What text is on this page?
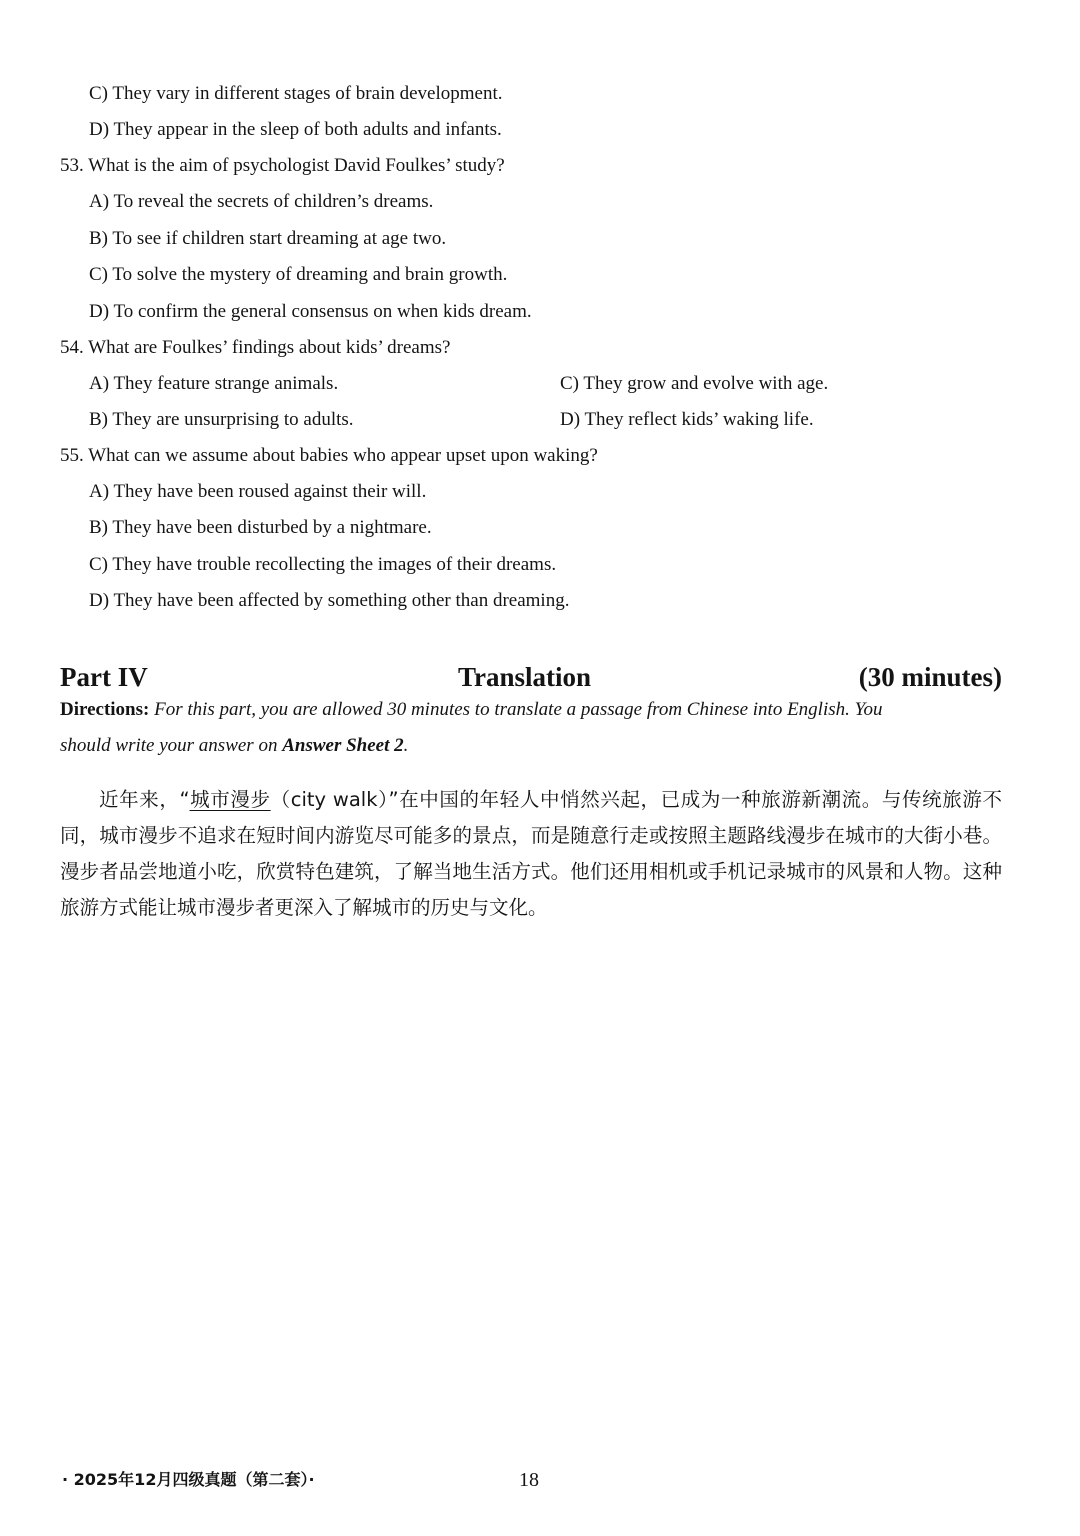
C) They vary in different stages of brain development.
D) They appear in the sleep of both adults and infants.
53. What is the aim of psychologist David Foulkes’ study?
A) To reveal the secrets of children’s dreams.
B) To see if children start dreaming at age two.
C) To solve the mystery of dreaming and brain growth.
D) To confirm the general consensus on when kids dream.
54. What are Foulkes’ findings about kids’ dreams?
A) They feature strange animals.	C) They grow and evolve with age.
B) They are unsurprising to adults.	D) They reflect kids’ waking life.
55. What can we assume about babies who appear upset upon waking?
A) They have been roused against their will.
B) They have been disturbed by a nightmare.
C) They have trouble recollecting the images of their dreams.
D) They have been affected by something other than dreaming.
Part IV	Translation	(30 minutes)
Directions: For this part, you are allowed 30 minutes to translate a passage from Chinese into English. You
should write your answer on Answer Sheet 2.

近年来，“城市漫步（city walk）”在中国的年轻人中悄然兴起，已成为一种旅游新潮流。与传统旅游不同，城市漫步不追求在短时间内游览尽可能多的景点，而是随意行走或按照主题路线漫步在城市的大街小巷。漫步者品尝地道小吃，欣赏特色建筑，了解当地生活方式。他们还用相机或手机记录城市的风景和人物。这种旅游方式能让城市漫步者更深入了解城市的历史与文化。

· 2025年12月四级真题（第二套）·	18
